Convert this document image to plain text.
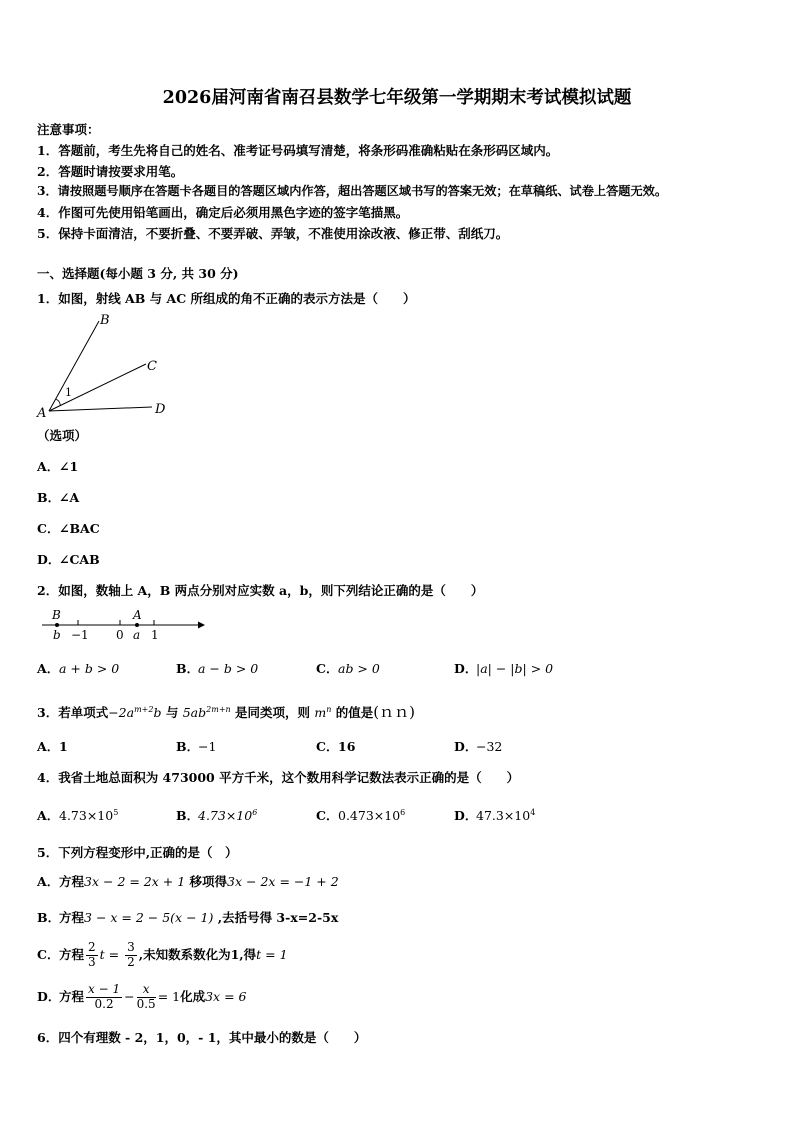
2026届河南省南召县数学七年级第一学期期末考试模拟试题
注意事项：
1．答题前，考生先将自己的姓名、准考证号码填写清楚，将条形码准确粘贴在条形码区域内。
2．答题时请按要求用笔。
3．请按照题号顺序在答题卡各题目的答题区域内作答，超出答题区域书写的答案无效；在草稿纸、试卷上答题无效。
4．作图可先使用铅笔画出，确定后必须用黑色字迹的签字笔描黑。
5．保持卡面清洁，不要折叠、不要弄破、弄皱，不准使用涂改液、修正带、刮纸刀。
一、选择题(每小题 3 分, 共 30 分)
1．如图，射线 AB 与 AC 所组成的角不正确的表示方法是（　　）
B
C
D
A
1
（选项）
A．∠1
B．∠A
C．∠BAC
D．∠CAB
2．如图，数轴上 A，B 两点分别对应实数 a，b，则下列结论正确的是（　　）
B	A
b −1 0 a 1
A．a + b > 0	B．a − b > 0	C．ab > 0	D．|a| − |b| > 0
3．若单项式$-2a^{m+2}b$ 与 $5ab^{2m+n}$ 是同类项，则 $m^n$ 的值是(ｎｎ)
A．1	B．−1	C．16	D．−32
4．我省土地总面积为 473000 平方千米，这个数用科学记数法表示正确的是（　　）
A．$4.73\times 10^5$	B．$4.73\times 10^6$	C．$0.473\times 10^6$	D．$47.3\times 10^4$
5．下列方程变形中,正确的是（　）
A．方程3x − 2 = 2x + 1 移项得3x − 2x = −1 + 2
B．方程3 − x = 2 − 5(x − 1) ,去括号得 3-x=2-5x
C．方程 $\frac{2}{3}$ $t = \frac{3}{2}$ ,未知数系数化为1,得t = 1
D．方程 $\frac{x - 1}{0.2} - \frac{x}{0.5} = 1$化成3x = 6
6．四个有理数 - 2，1，0，- 1，其中最小的数是（　　）
